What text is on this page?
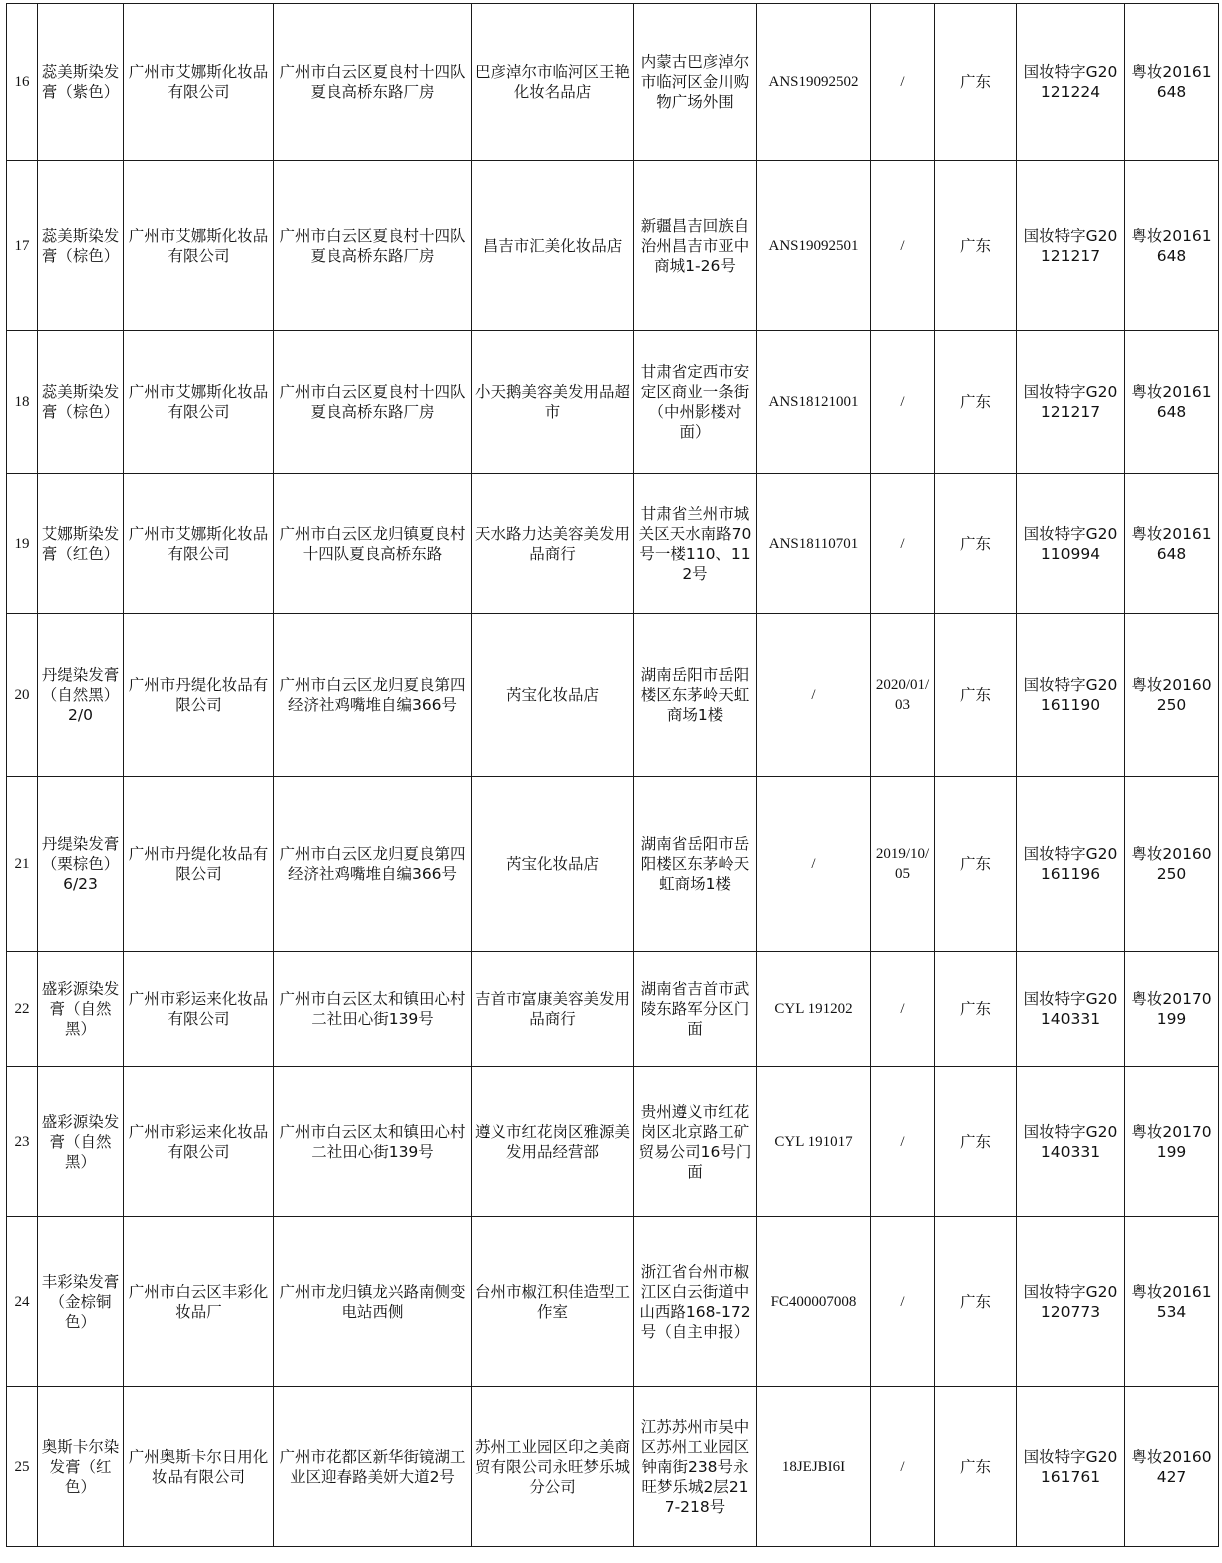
16	蕊美斯染发膏（紫色）	广州市艾娜斯化妆品有限公司	广州市白云区夏良村十四队夏良高桥东路厂房	巴彦淖尔市临河区王艳化妆名品店	内蒙古巴彦淖尔市临河区金川购物广场外围	ANS19092502	/	广东	国妆特字G20121224	粤妆20161648
17	蕊美斯染发膏（棕色）	广州市艾娜斯化妆品有限公司	广州市白云区夏良村十四队夏良高桥东路厂房	昌吉市汇美化妆品店	新疆昌吉回族自治州昌吉市亚中商城1-26号	ANS19092501	/	广东	国妆特字G20121217	粤妆20161648
18	蕊美斯染发膏（棕色）	广州市艾娜斯化妆品有限公司	广州市白云区夏良村十四队夏良高桥东路厂房	小天鹅美容美发用品超市	甘肃省定西市安定区商业一条街（中州影楼对面）	ANS18121001	/	广东	国妆特字G20121217	粤妆20161648
19	艾娜斯染发膏（红色）	广州市艾娜斯化妆品有限公司	广州市白云区龙归镇夏良村十四队夏良高桥东路	天水路力达美容美发用品商行	甘肃省兰州市城关区天水南路70号一楼110、112号	ANS18110701	/	广东	国妆特字G20110994	粤妆20161648
20	丹缇染发膏（自然黑）2/0	广州市丹缇化妆品有限公司	广州市白云区龙归夏良第四经济社鸡嘴堆自编366号	芮宝化妆品店	湖南岳阳市岳阳楼区东茅岭天虹商场1楼	/	2020/01/03	广东	国妆特字G20161190	粤妆20160250
21	丹缇染发膏（栗棕色）6/23	广州市丹缇化妆品有限公司	广州市白云区龙归夏良第四经济社鸡嘴堆自编366号	芮宝化妆品店	湖南省岳阳市岳阳楼区东茅岭天虹商场1楼	/	2019/10/05	广东	国妆特字G20161196	粤妆20160250
22	盛彩源染发膏（自然黑）	广州市彩运来化妆品有限公司	广州市白云区太和镇田心村二社田心街139号	吉首市富康美容美发用品商行	湖南省吉首市武陵东路军分区门面	CYL 191202	/	广东	国妆特字G20140331	粤妆20170199
23	盛彩源染发膏（自然黑）	广州市彩运来化妆品有限公司	广州市白云区太和镇田心村二社田心街139号	遵义市红花岗区雅源美发用品经营部	贵州遵义市红花岗区北京路工矿贸易公司16号门面	CYL 191017	/	广东	国妆特字G20140331	粤妆20170199
24	丰彩染发膏（金棕铜色）	广州市白云区丰彩化妆品厂	广州市龙归镇龙兴路南侧变电站西侧	台州市椒江积佳造型工作室	浙江省台州市椒江区白云街道中山西路168-172号（自主申报）	FC400007008	/	广东	国妆特字G20120773	粤妆20161534
25	奥斯卡尔染发膏（红色）	广州奥斯卡尔日用化妆品有限公司	广州市花都区新华街镜湖工业区迎春路美妍大道2号	苏州工业园区印之美商贸有限公司永旺梦乐城分公司	江苏苏州市吴中区苏州工业园区钟南街238号永旺梦乐城2层217-218号	18JEJBI6I	/	广东	国妆特字G20161761	粤妆20160427
